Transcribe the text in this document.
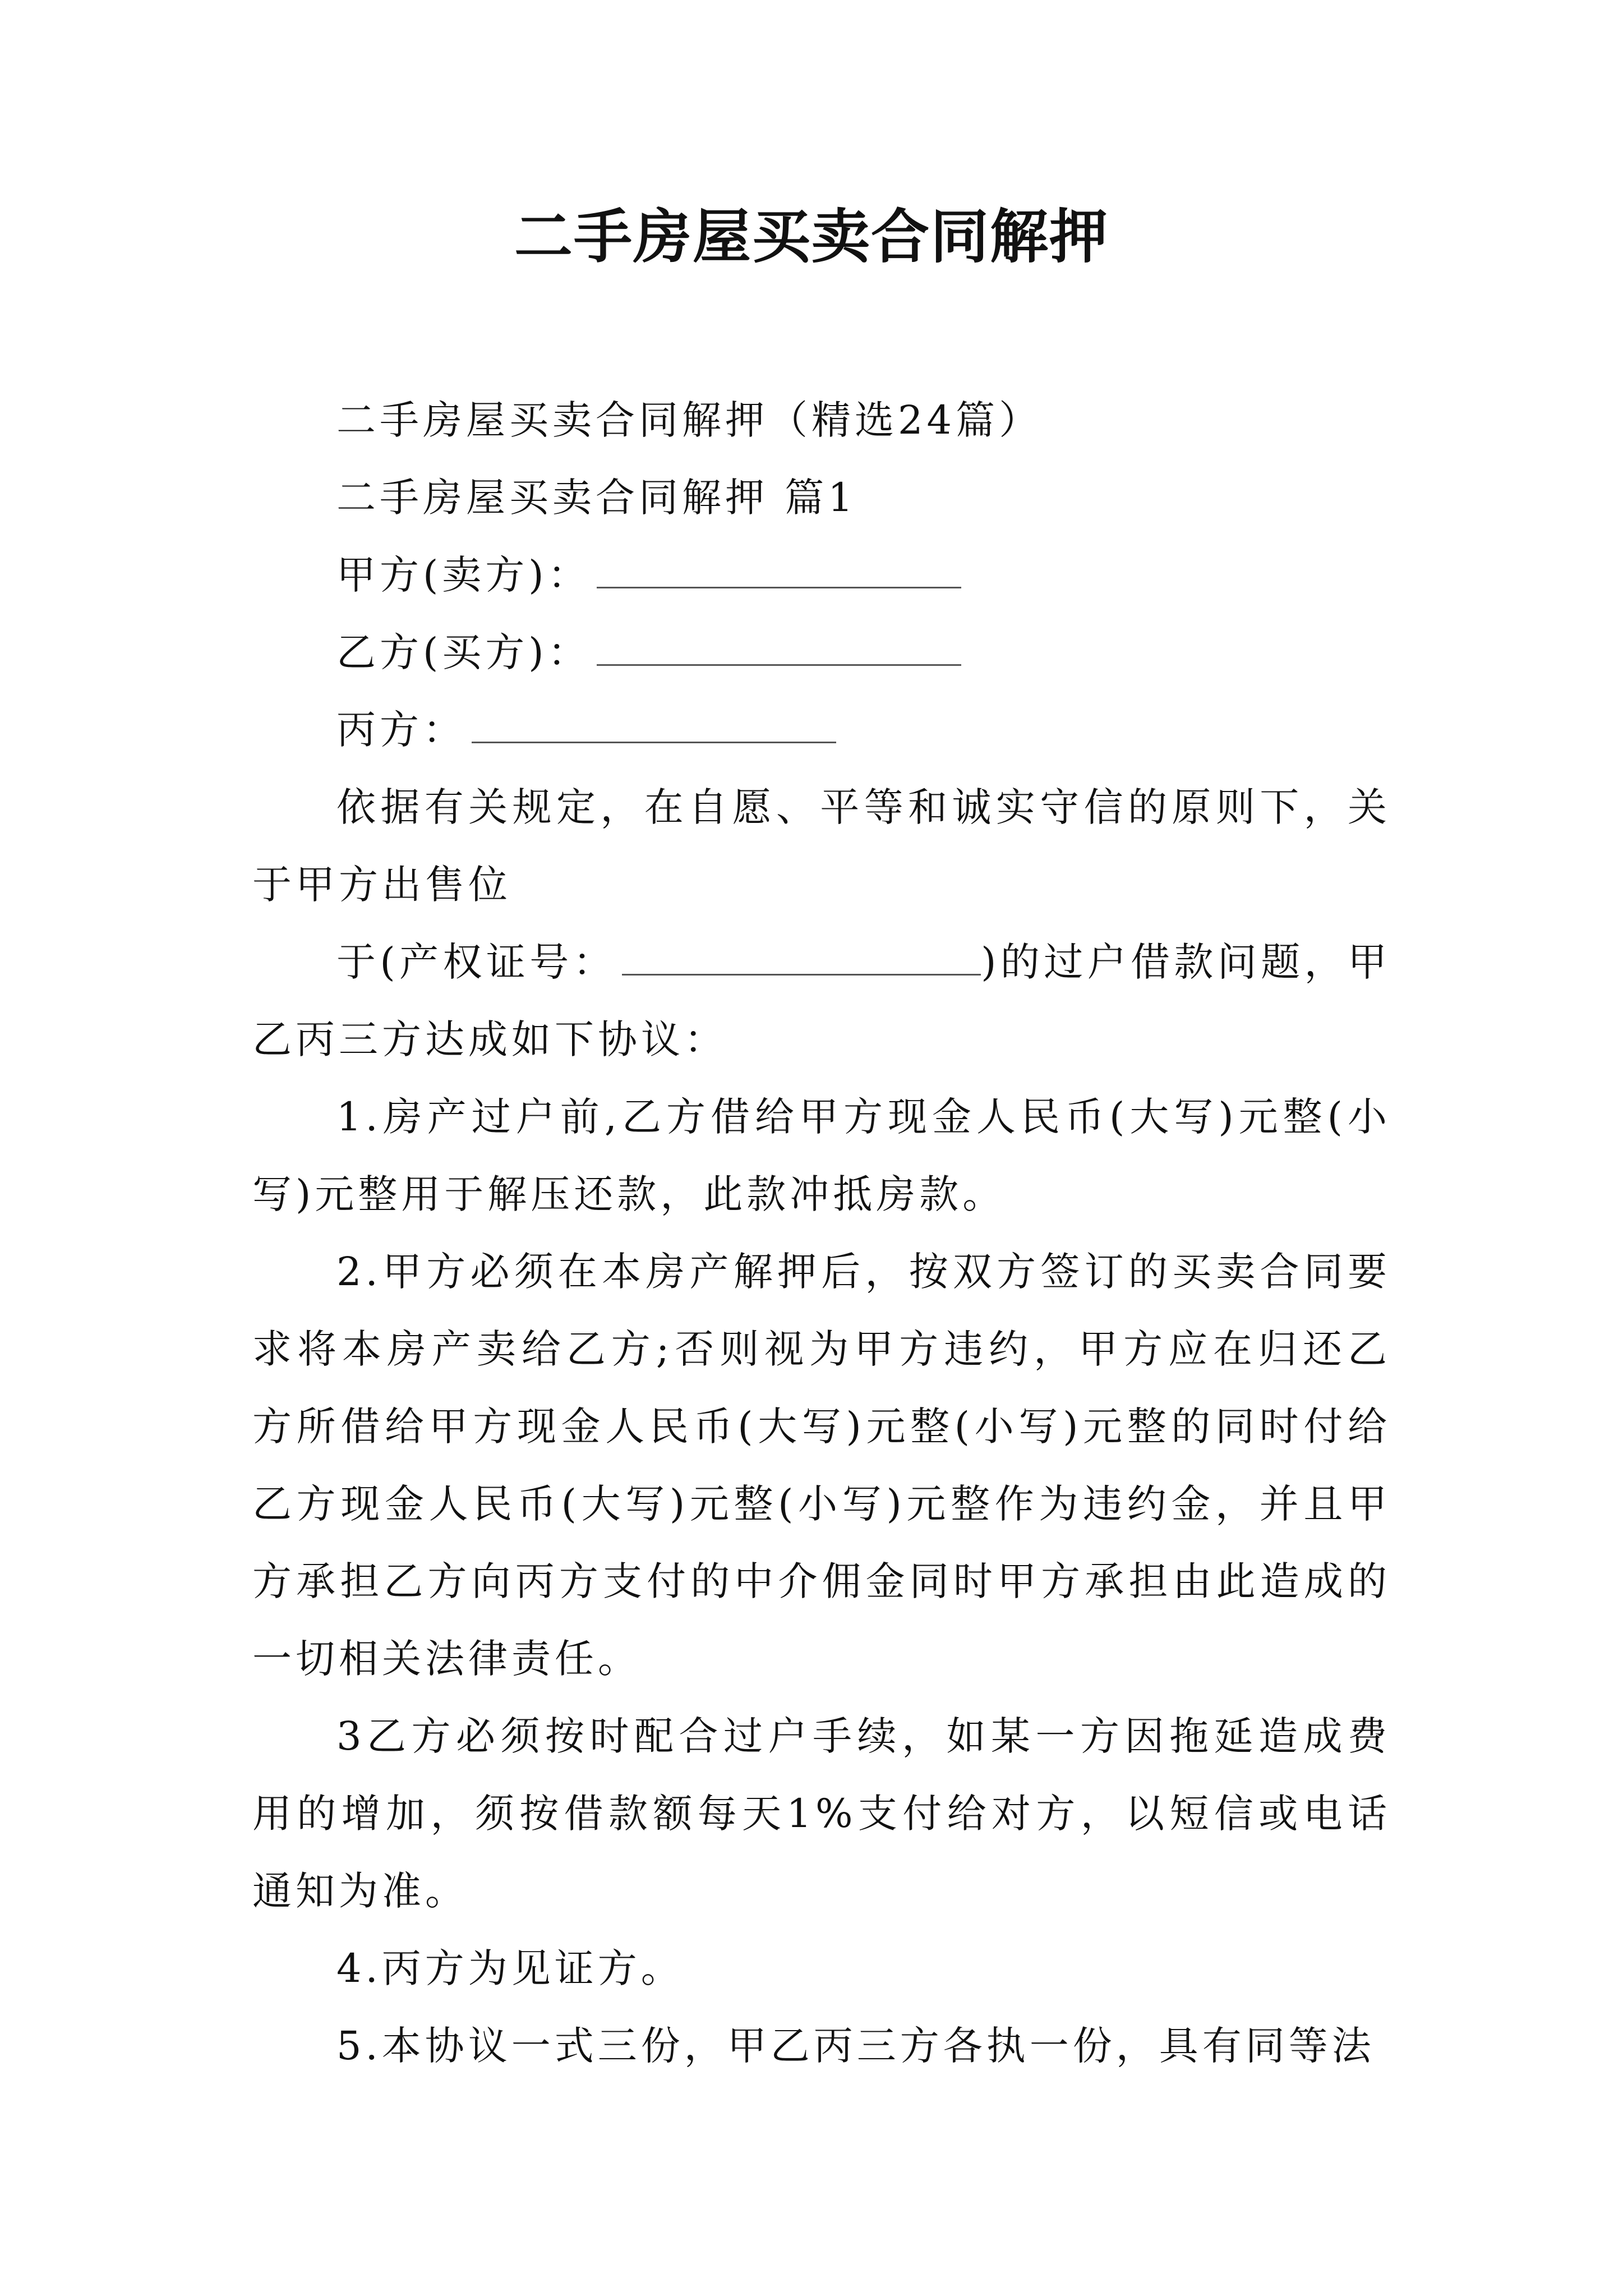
二手房屋买卖合同解押

二手房屋买卖合同解押（精选24篇）

二手房屋买卖合同解押 篇1

甲方(卖方)：

乙方(买方)：

丙方：

依据有关规定，在自愿、平等和诚实守信的原则下，关于甲方出售位

于(产权证号：	)的过户借款问题，甲乙丙三方达成如下协议：

1.房产过户前,乙方借给甲方现金人民币(大写)元整(小写)元整用于解压还款，此款冲抵房款。

2.甲方必须在本房产解押后，按双方签订的买卖合同要求将本房产卖给乙方;否则视为甲方违约，甲方应在归还乙方所借给甲方现金人民币(大写)元整(小写)元整的同时付给乙方现金人民币(大写)元整(小写)元整作为违约金，并且甲方承担乙方向丙方支付的中介佣金同时甲方承担由此造成的一切相关法律责任。

3乙方必须按时配合过户手续，如某一方因拖延造成费用的增加，须按借款额每天1%支付给对方，以短信或电话通知为准。

4.丙方为见证方。

5.本协议一式三份，甲乙丙三方各执一份，具有同等法
